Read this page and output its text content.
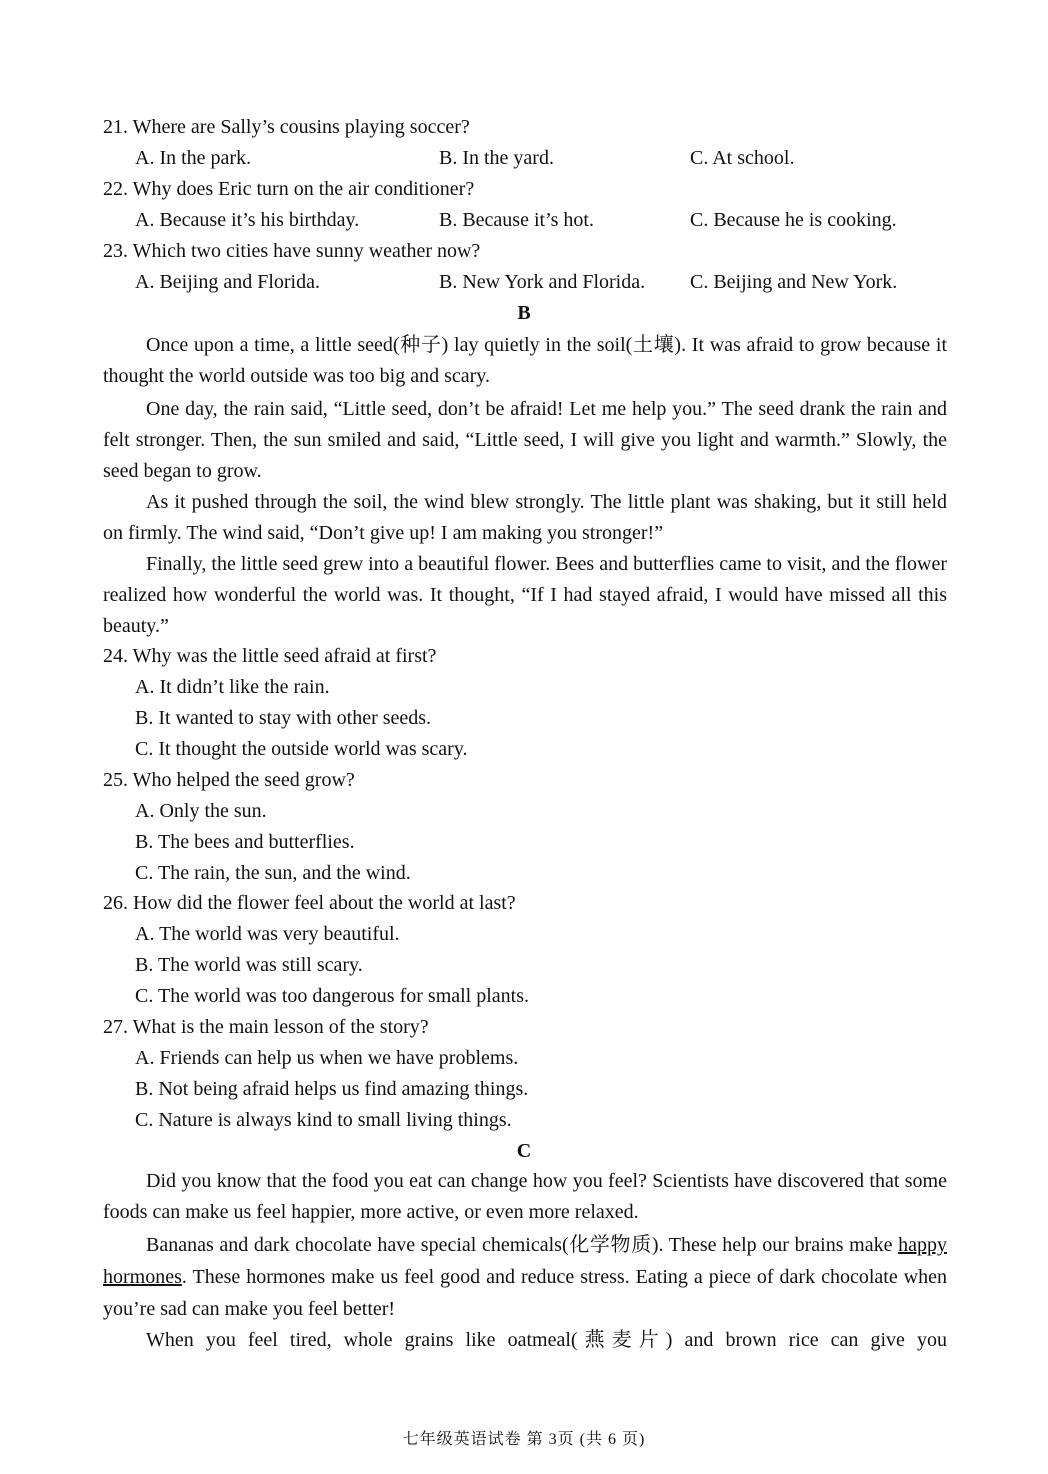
21. Where are Sally’s cousins playing soccer?
A. In the park.	B. In the yard.	C. At school.
22. Why does Eric turn on the air conditioner?
A. Because it’s his birthday.	B. Because it’s hot.	C. Because he is cooking.
23. Which two cities have sunny weather now?
A. Beijing and Florida.	B. New York and Florida. C. Beijing and New York.
B
Once upon a time, a little seed(种子) lay quietly in the soil(土壤). It was afraid to grow because it thought the world outside was too big and scary.
One day, the rain said, “Little seed, don’t be afraid! Let me help you.” The seed drank the rain and felt stronger. Then, the sun smiled and said, “Little seed, I will give you light and warmth.” Slowly, the seed began to grow.
As it pushed through the soil, the wind blew strongly. The little plant was shaking, but it still held on firmly. The wind said, “Don’t give up! I am making you stronger!”
Finally, the little seed grew into a beautiful flower. Bees and butterflies came to visit, and the flower realized how wonderful the world was. It thought, “If I had stayed afraid, I would have missed all this beauty.”
24. Why was the little seed afraid at first?
A. It didn’t like the rain.
B. It wanted to stay with other seeds.
C. It thought the outside world was scary.
25. Who helped the seed grow?
A. Only the sun.
B. The bees and butterflies.
C. The rain, the sun, and the wind.
26. How did the flower feel about the world at last?
A. The world was very beautiful.
B. The world was still scary.
C. The world was too dangerous for small plants.
27. What is the main lesson of the story?
A. Friends can help us when we have problems.
B. Not being afraid helps us find amazing things.
C. Nature is always kind to small living things.
C
Did you know that the food you eat can change how you feel? Scientists have discovered that some foods can make us feel happier, more active, or even more relaxed.
Bananas and dark chocolate have special chemicals(化学物质). These help our brains make happy hormones. These hormones make us feel good and reduce stress. Eating a piece of dark chocolate when you’re sad can make you feel better!
When you feel tired, whole grains like oatmeal(燕麦片) and brown rice can give you
七年级英语试卷 第 3页 (共 6 页)
